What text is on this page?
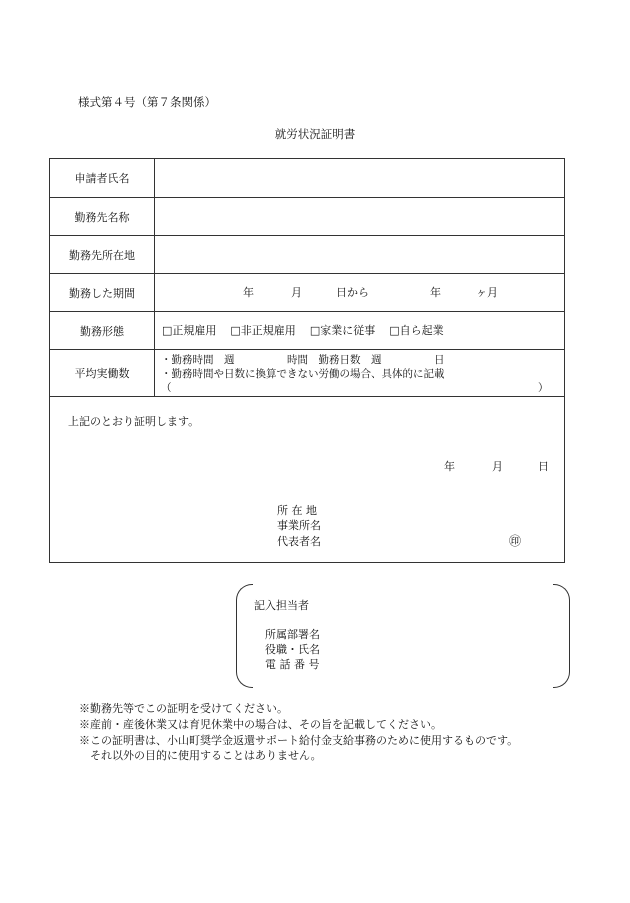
様式第４号（第７条関係）
就労状況証明書
申請者氏名
勤務先名称
勤務先所在地
勤務した期間	年	月	日から	年	ヶ月
勤務形態	□正規雇用 □非正規雇用 □家業に従事 □自ら起業
平均実働数
・勤務時間　週　　　　　時間　勤務日数　週　　　　　日
・勤務時間や日数に換算できない労働の場合、具体的に記載
（	）
上記のとおり証明します。
年	月	日
所 在 地
事業所名
代表者名	㊞
記入担当者
所属部署名
役職・氏名
電 話 番 号
※勤務先等でこの証明を受けてください。
※産前・産後休業又は育児休業中の場合は、その旨を記載してください。
※この証明書は、小山町奨学金返還サポート給付金支給事務のために使用するものです。
　それ以外の目的に使用することはありません。
